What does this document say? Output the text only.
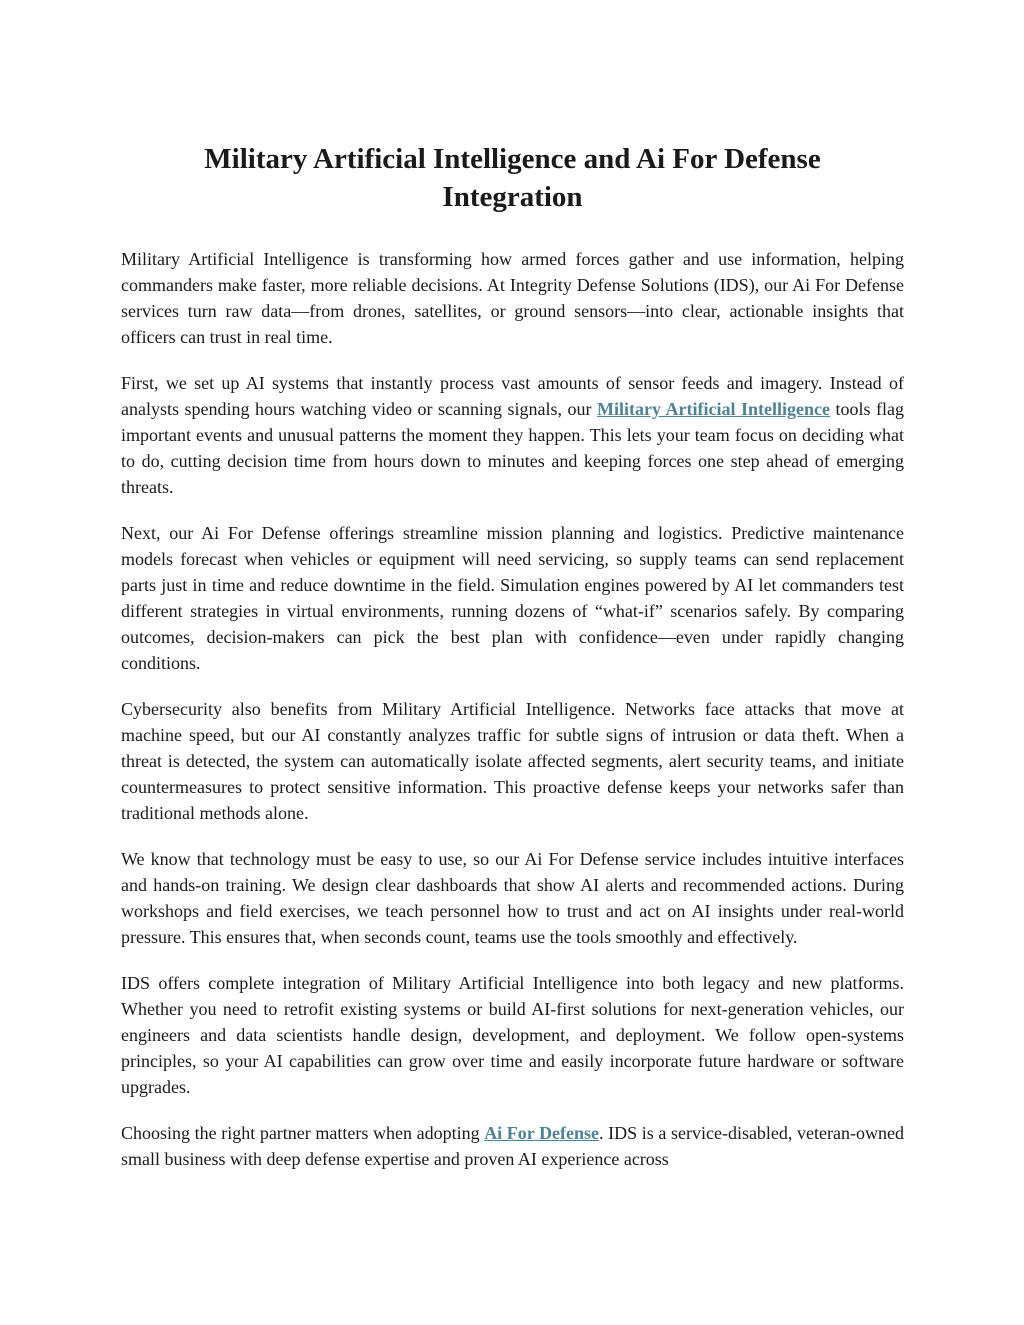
Military Artificial Intelligence and Ai For Defense Integration

Military Artificial Intelligence is transforming how armed forces gather and use information, helping commanders make faster, more reliable decisions. At Integrity Defense Solutions (IDS), our Ai For Defense services turn raw data—from drones, satellites, or ground sensors—into clear, actionable insights that officers can trust in real time.

First, we set up AI systems that instantly process vast amounts of sensor feeds and imagery. Instead of analysts spending hours watching video or scanning signals, our Military Artificial Intelligence tools flag important events and unusual patterns the moment they happen. This lets your team focus on deciding what to do, cutting decision time from hours down to minutes and keeping forces one step ahead of emerging threats.

Next, our Ai For Defense offerings streamline mission planning and logistics. Predictive maintenance models forecast when vehicles or equipment will need servicing, so supply teams can send replacement parts just in time and reduce downtime in the field. Simulation engines powered by AI let commanders test different strategies in virtual environments, running dozens of “what-if” scenarios safely. By comparing outcomes, decision-makers can pick the best plan with confidence—even under rapidly changing conditions.

Cybersecurity also benefits from Military Artificial Intelligence. Networks face attacks that move at machine speed, but our AI constantly analyzes traffic for subtle signs of intrusion or data theft. When a threat is detected, the system can automatically isolate affected segments, alert security teams, and initiate countermeasures to protect sensitive information. This proactive defense keeps your networks safer than traditional methods alone.

We know that technology must be easy to use, so our Ai For Defense service includes intuitive interfaces and hands-on training. We design clear dashboards that show AI alerts and recommended actions. During workshops and field exercises, we teach personnel how to trust and act on AI insights under real-world pressure. This ensures that, when seconds count, teams use the tools smoothly and effectively.

IDS offers complete integration of Military Artificial Intelligence into both legacy and new platforms. Whether you need to retrofit existing systems or build AI-first solutions for next-generation vehicles, our engineers and data scientists handle design, development, and deployment. We follow open-systems principles, so your AI capabilities can grow over time and easily incorporate future hardware or software upgrades.

Choosing the right partner matters when adopting Ai For Defense. IDS is a service-disabled, veteran-owned small business with deep defense expertise and proven AI experience across
